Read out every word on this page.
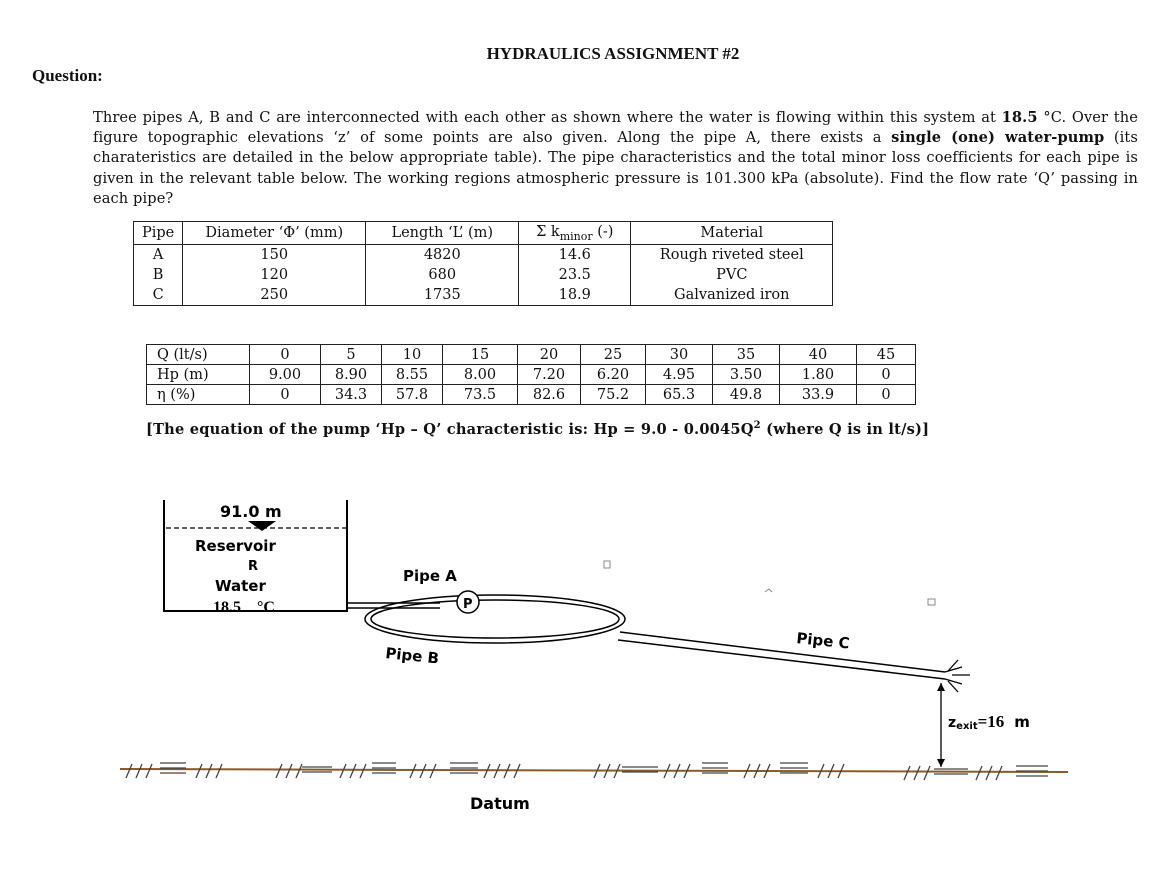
HYDRAULICS ASSIGNMENT #2
Question:
Three pipes A, B and C are interconnected with each other as shown where the water is flowing within this system at 18.5 °C. Over the figure topographic elevations ‘z’ of some points are also given. Along the pipe A, there exists a single (one) water-pump (its charateristics are detailed in the below appropriate table). The pipe characteristics and the total minor loss coefficients for each pipe is given in the relevant table below. The working regions atmospheric pressure is 101.300 kPa (absolute). Find the flow rate ‘Q’ passing in each pipe?
Pipe	Diameter ‘Φ’ (mm)	Length ‘L’ (m)	Σ $k_{minor}$ (-)	Material
A	150	4820	14.6	Rough riveted steel
B	120	680	23.5	PVC
C	250	1735	18.9	Galvanized iron
Q (lt/s)	0	5	10	15	20	25	30	35	40	45
Hp (m)	9.00	8.90	8.55	8.00	7.20	6.20	4.95	3.50	1.80	0
η (%)	0	34.3	57.8	73.5	82.6	75.2	65.3	49.8	33.9	0
[The equation of the pump ‘Hp – Q’ characteristic is: $Hp = 9.0 - 0.0045Q^2$ (where Q is in lt/s)]
91.0 m
Reservoir
R
Water
18.5 °C	P
Pipe A
Pipe B
Pipe C
zexit=16 m
Datum
